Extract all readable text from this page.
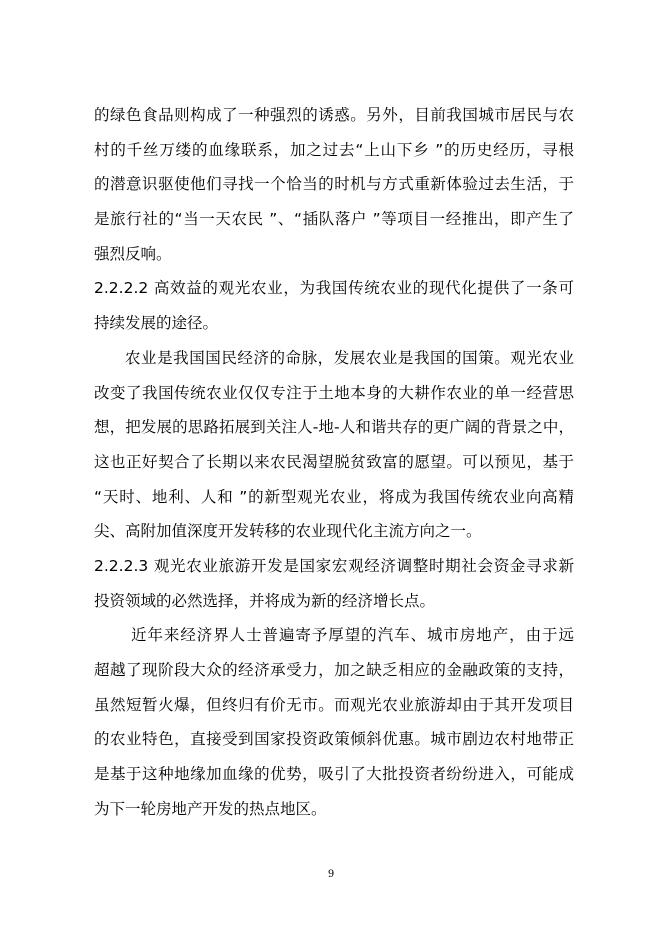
的绿色食品则构成了一种强烈的诱惑。另外，目前我国城市居民与农
村的千丝万缕的血缘联系，加之过去“上山下乡 ”的历史经历，寻根
的潜意识驱使他们寻找一个恰当的时机与方式重新体验过去生活，于
是旅行社的“当一天农民 ”、“插队落户 ”等项目一经推出，即产生了
强烈反响。
2.2.2.2 高效益的观光农业，为我国传统农业的现代化提供了一条可
持续发展的途径。
农业是我国国民经济的命脉，发展农业是我国的国策。观光农业
改变了我国传统农业仅仅专注于土地本身的大耕作农业的单一经营思
想，把发展的思路拓展到关注人-地-人和谐共存的更广阔的背景之中，
这也正好契合了长期以来农民渴望脱贫致富的愿望。可以预见，基于
“天时、地利、人和 ”的新型观光农业，将成为我国传统农业向高精
尖、高附加值深度开发转移的农业现代化主流方向之一。
2.2.2.3 观光农业旅游开发是国家宏观经济调整时期社会资金寻求新
投资领域的必然选择，并将成为新的经济增长点。
近年来经济界人士普遍寄予厚望的汽车、城市房地产，由于远
超越了现阶段大众的经济承受力，加之缺乏相应的金融政策的支持，
虽然短暂火爆，但终归有价无市。而观光农业旅游却由于其开发项目
的农业特色，直接受到国家投资政策倾斜优惠。城市剧边农村地带正
是基于这种地缘加血缘的优势，吸引了大批投资者纷纷进入，可能成
为下一轮房地产开发的热点地区。
9
